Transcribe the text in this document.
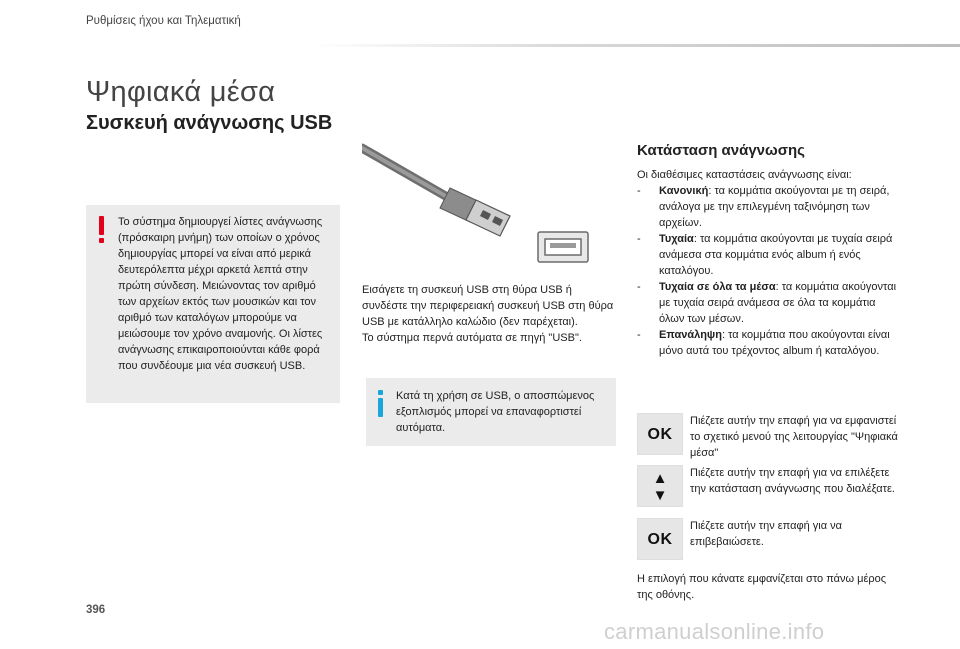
Ρυθμίσεις ήχου και Τηλεματική
Ψηφιακά μέσα
Συσκευή ανάγνωσης USB

Το σύστημα δημιουργεί λίστες ανάγνωσης (πρόσκαιρη μνήμη) των οποίων ο χρόνος δημιουργίας μπορεί να είναι από μερικά δευτερόλεπτα μέχρι αρκετά λεπτά στην πρώτη σύνδεση. Μειώνοντας τον αριθμό των αρχείων εκτός των μουσικών και τον αριθμό των καταλόγων μπορούμε να μειώσουμε τον χρόνο αναμονής. Οι λίστες ανάγνωσης επικαιροποιούνται κάθε φορά που συνδέουμε μια νέα συσκευή USB.

Εισάγετε τη συσκευή USB στη θύρα USB ή συνδέστε την περιφερειακή συσκευή USB στη θύρα USB με κατάλληλο καλώδιο (δεν παρέχεται).

Το σύστημα περνά αυτόματα σε πηγή "USB".

Κατά τη χρήση σε USB, ο αποσπώμενος εξοπλισμός μπορεί να επαναφορτιστεί αυτόματα.

Κατάσταση ανάγνωσης

Οι διαθέσιμες καταστάσεις ανάγνωσης είναι:

- Κανονική: τα κομμάτια ακούγονται με τη σειρά, ανάλογα με την επιλεγμένη ταξινόμηση των αρχείων.
- Τυχαία: τα κομμάτια ακούγονται με τυχαία σειρά ανάμεσα στα κομμάτια ενός album ή ενός καταλόγου.
- Τυχαία σε όλα τα μέσα: τα κομμάτια ακούγονται με τυχαία σειρά ανάμεσα σε όλα τα κομμάτια όλων των μέσων.
- Επανάληψη: τα κομμάτια που ακούγονται είναι μόνο αυτά του τρέχοντος album ή καταλόγου.
OK

Πιέζετε αυτήν την επαφή για να εμφανιστεί το σχετικό μενού της λειτουργίας "Ψηφιακά μέσα"

▲
▼

Πιέζετε αυτήν την επαφή για να επιλέξετε την κατάσταση ανάγνωσης που διαλέξατε.

OK

Πιέζετε αυτήν την επαφή για να επιβεβαιώσετε.

Η επιλογή που κάνατε εμφανίζεται στο πάνω μέρος της οθόνης.

396
carmanualsonline.info
